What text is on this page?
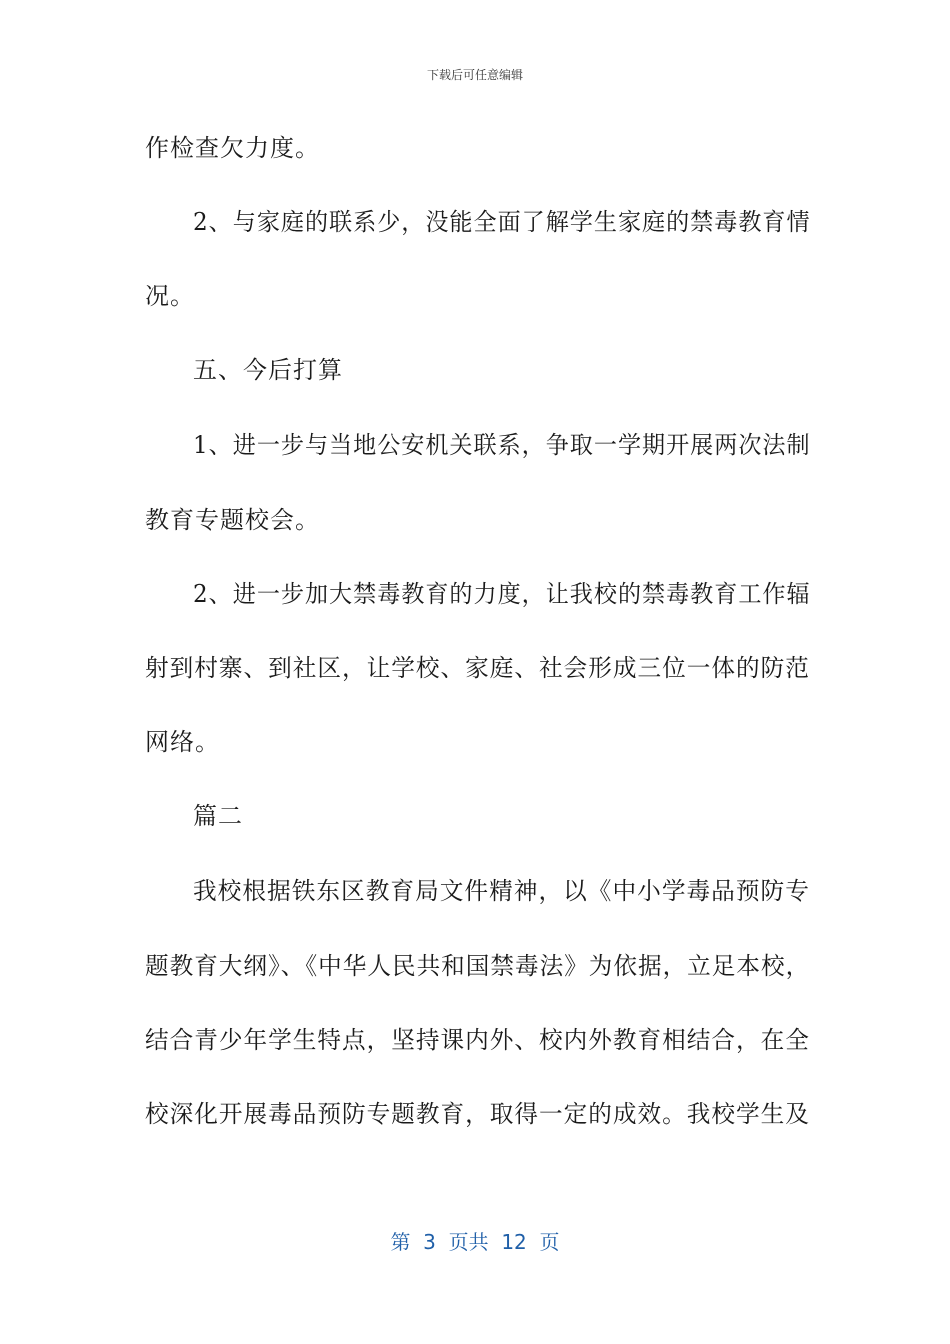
下载后可任意编辑
作检查欠力度。
2、与家庭的联系少，没能全面了解学生家庭的禁毒教育情
况。
五、今后打算
1、进一步与当地公安机关联系，争取一学期开展两次法制
教育专题校会。
2、进一步加大禁毒教育的力度，让我校的禁毒教育工作辐
射到村寨、到社区，让学校、家庭、社会形成三位一体的防范
网络。
篇二
我校根据铁东区教育局文件精神，以《中小学毒品预防专
题教育大纲》、《中华人民共和国禁毒法》为依据，立足本校，
结合青少年学生特点，坚持课内外、校内外教育相结合，在全
校深化开展毒品预防专题教育，取得一定的成效。我校学生及
第  3  页共  12  页
